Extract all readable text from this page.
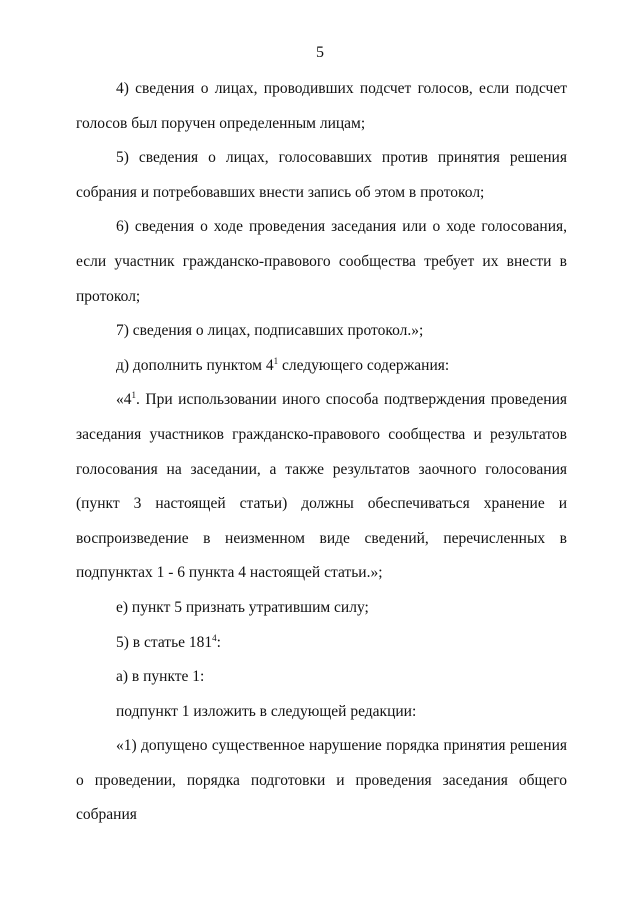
5

4) сведения о лицах, проводивших подсчет голосов, если подсчет голосов был поручен определенным лицам;

5) сведения о лицах, голосовавших против принятия решения собрания и потребовавших внести запись об этом в протокол;

6) сведения о ходе проведения заседания или о ходе голосования, если участник гражданско-правового сообщества требует их внести в протокол;

7) сведения о лицах, подписавших протокол.»;

д) дополнить пунктом $4^1$ следующего содержания:

«$4^1$. При использовании иного способа подтверждения проведения заседания участников гражданско-правового сообщества и результатов голосования на заседании, а также результатов заочного голосования (пункт 3 настоящей статьи) должны обеспечиваться хранение и воспроизведение в неизменном виде сведений, перечисленных в подпунктах 1 - 6 пункта 4 настоящей статьи.»;

е) пункт 5 признать утратившим силу;

5) в статье $181^4$:

а) в пункте 1:

подпункт 1 изложить в следующей редакции:

«1) допущено существенное нарушение порядка принятия решения о проведении, порядка подготовки и проведения заседания общего собрания
